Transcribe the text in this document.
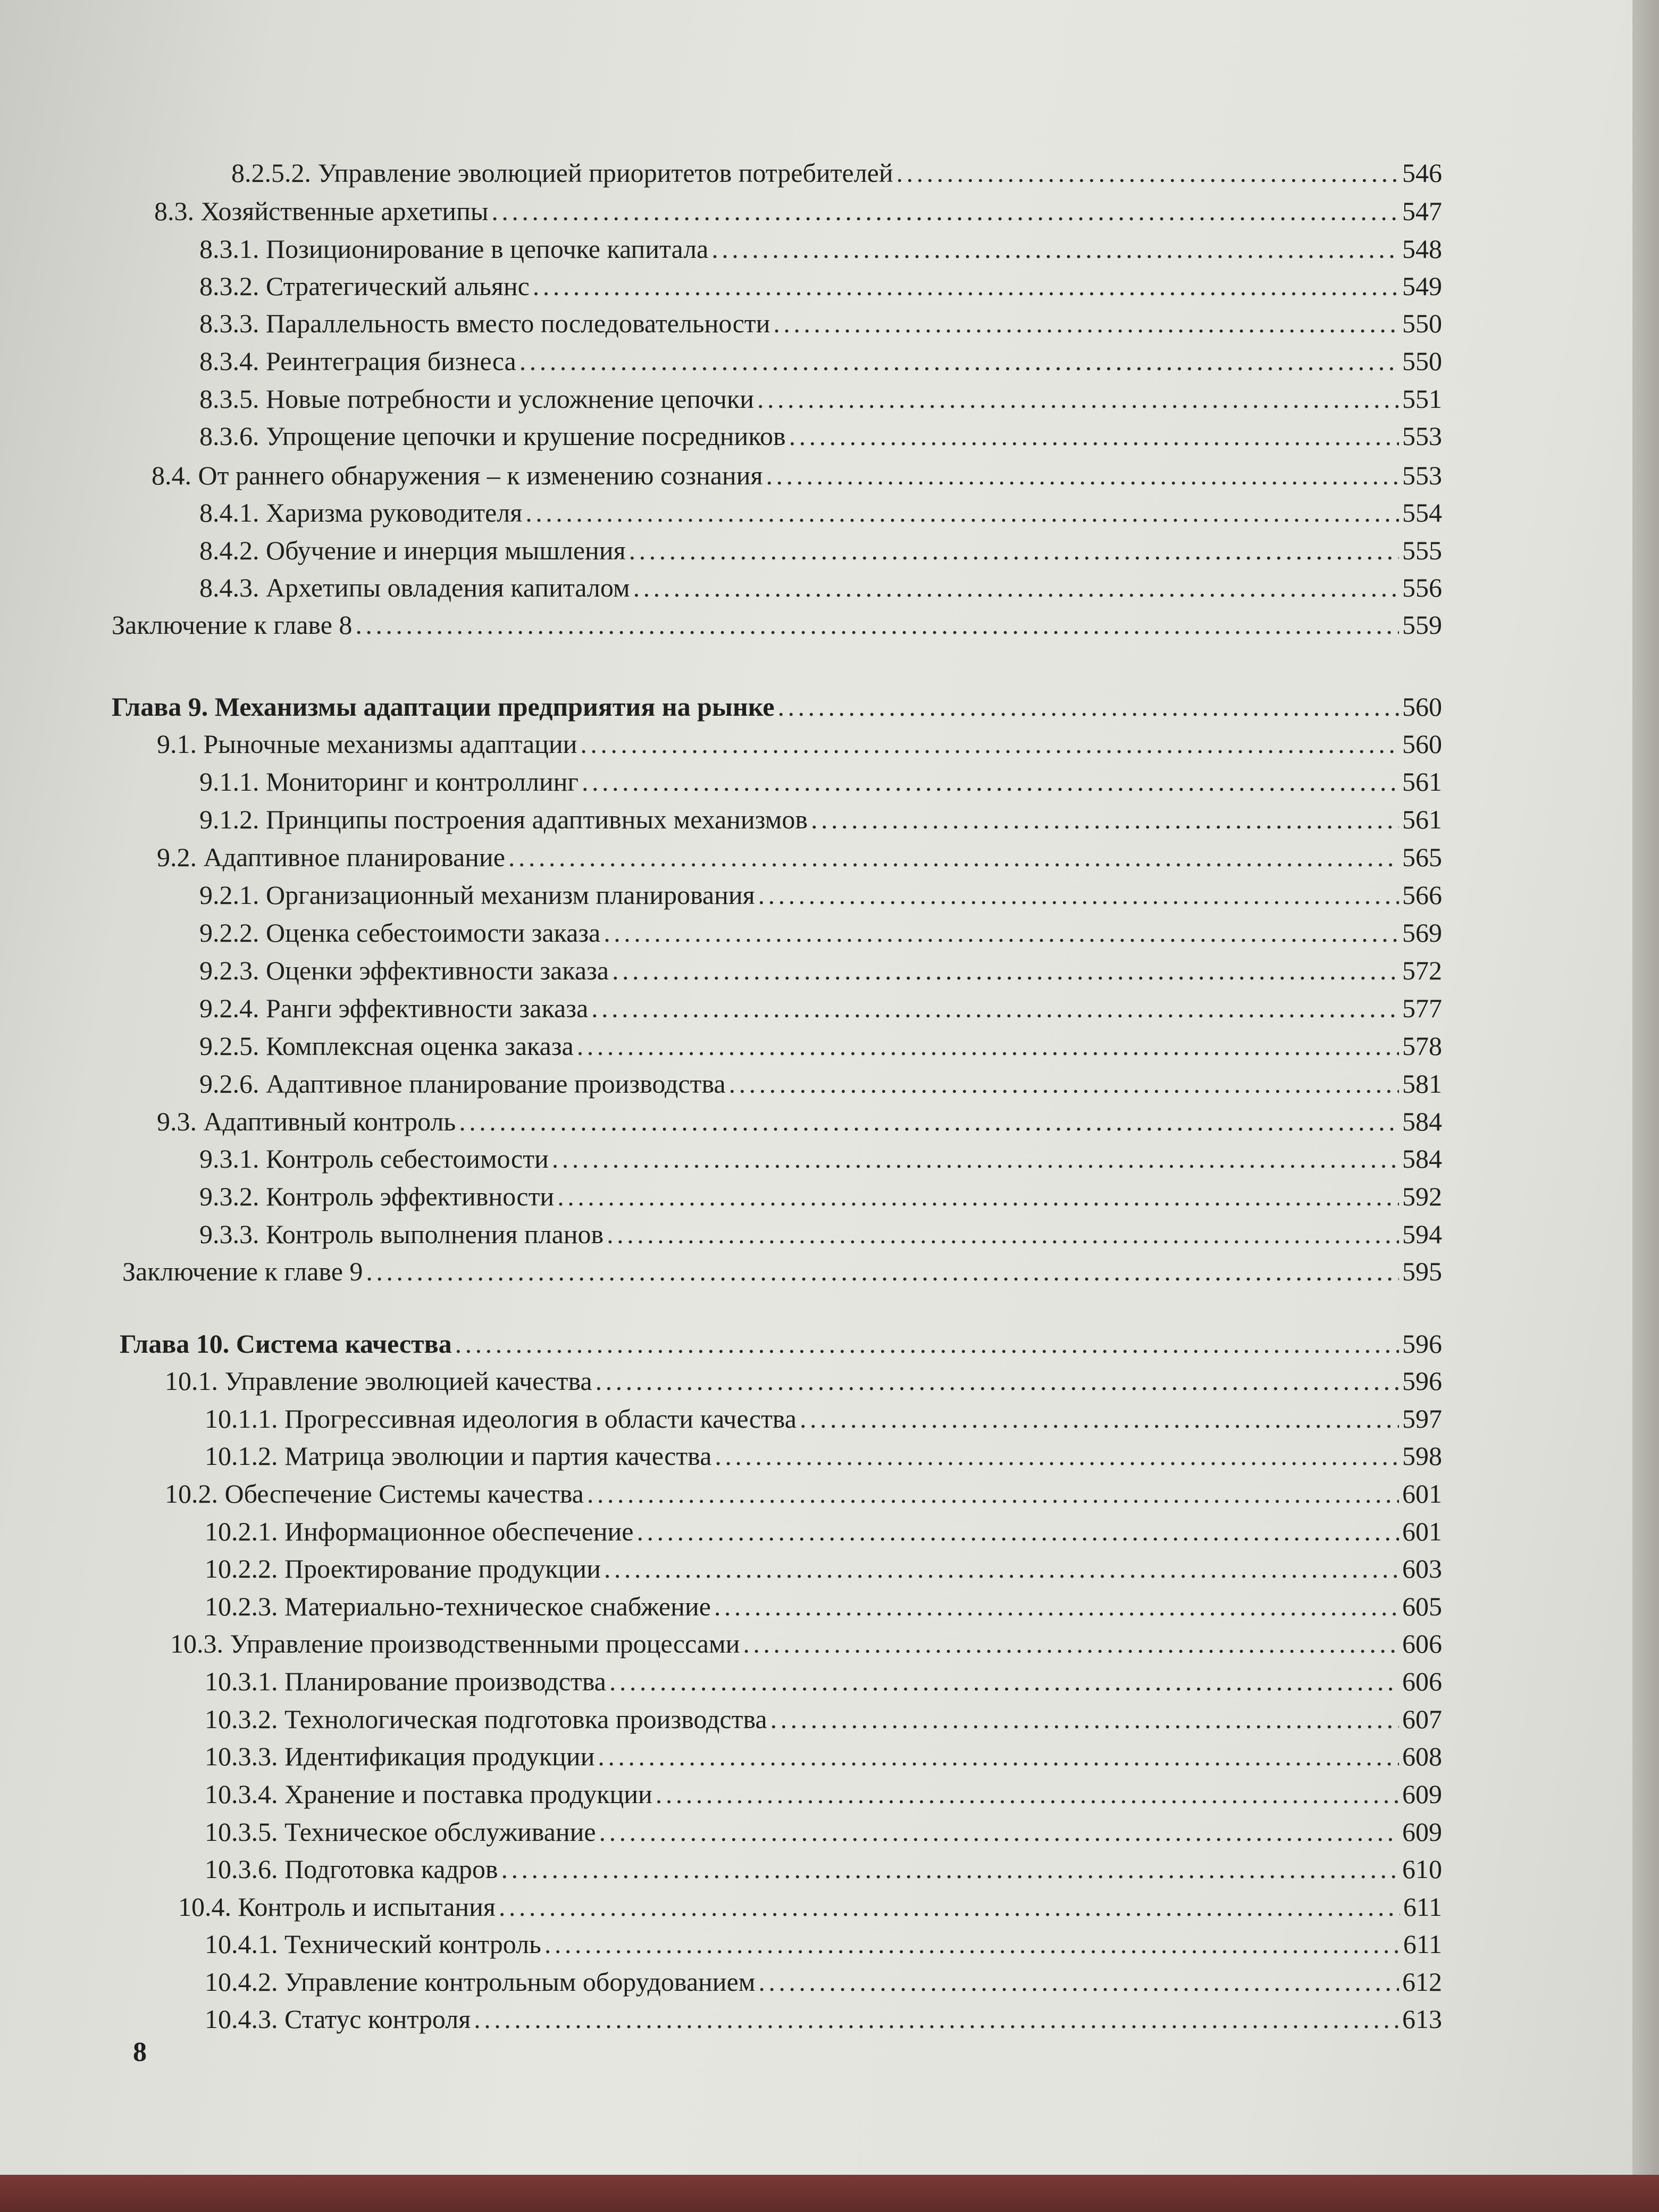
8.2.5.2. Управление эволюцией приоритетов потребителей . . .	546
8.3. Хозяйственные архетипы . . .	547
8.3.1. Позиционирование в цепочке капитала . . .	548
8.3.2. Стратегический альянс . . .	549
8.3.3. Параллельность вместо последовательности . . .	550
8.3.4. Реинтеграция бизнеса . . .	550
8.3.5. Новые потребности и усложнение цепочки . . .	551
8.3.6. Упрощение цепочки и крушение посредников . . .	553
8.4. От раннего обнаружения – к изменению сознания . . .	553
8.4.1. Харизма руководителя . . .	554
8.4.2. Обучение и инерция мышления . . .	555
8.4.3. Архетипы овладения капиталом . . .	556
Заключение к главе 8 . . .	559
Глава 9. Механизмы адаптации предприятия на рынке . . .	560
9.1. Рыночные механизмы адаптации . . .	560
9.1.1. Мониторинг и контроллинг . . .	561
9.1.2. Принципы построения адаптивных механизмов . . .	561
9.2. Адаптивное планирование . . .	565
9.2.1. Организационный механизм планирования . . .	566
9.2.2. Оценка себестоимости заказа . . .	569
9.2.3. Оценки эффективности заказа . . .	572
9.2.4. Ранги эффективности заказа . . .	577
9.2.5. Комплексная оценка заказа . . .	578
9.2.6. Адаптивное планирование производства . . .	581
9.3. Адаптивный контроль . . .	584
9.3.1. Контроль себестоимости . . .	584
9.3.2. Контроль эффективности . . .	592
9.3.3. Контроль выполнения планов . . .	594
Заключение к главе 9 . . .	595
Глава 10. Система качества . . .	596
10.1. Управление эволюцией качества . . .	596
10.1.1. Прогрессивная идеология в области качества . . .	597
10.1.2. Матрица эволюции и партия качества . . .	598
10.2. Обеспечение Системы качества . . .	601
10.2.1. Информационное обеспечение . . .	601
10.2.2. Проектирование продукции . . .	603
10.2.3. Материально-техническое снабжение . . .	605
10.3. Управление производственными процессами . . .	606
10.3.1. Планирование производства . . .	606
10.3.2. Технологическая подготовка производства . . .	607
10.3.3. Идентификация продукции . . .	608
10.3.4. Хранение и поставка продукции . . .	609
10.3.5. Техническое обслуживание . . .	609
10.3.6. Подготовка кадров . . .	610
10.4. Контроль и испытания . . .	611
10.4.1. Технический контроль . . .	611
10.4.2. Управление контрольным оборудованием . . .	612
10.4.3. Статус контроля . . .	613
8
